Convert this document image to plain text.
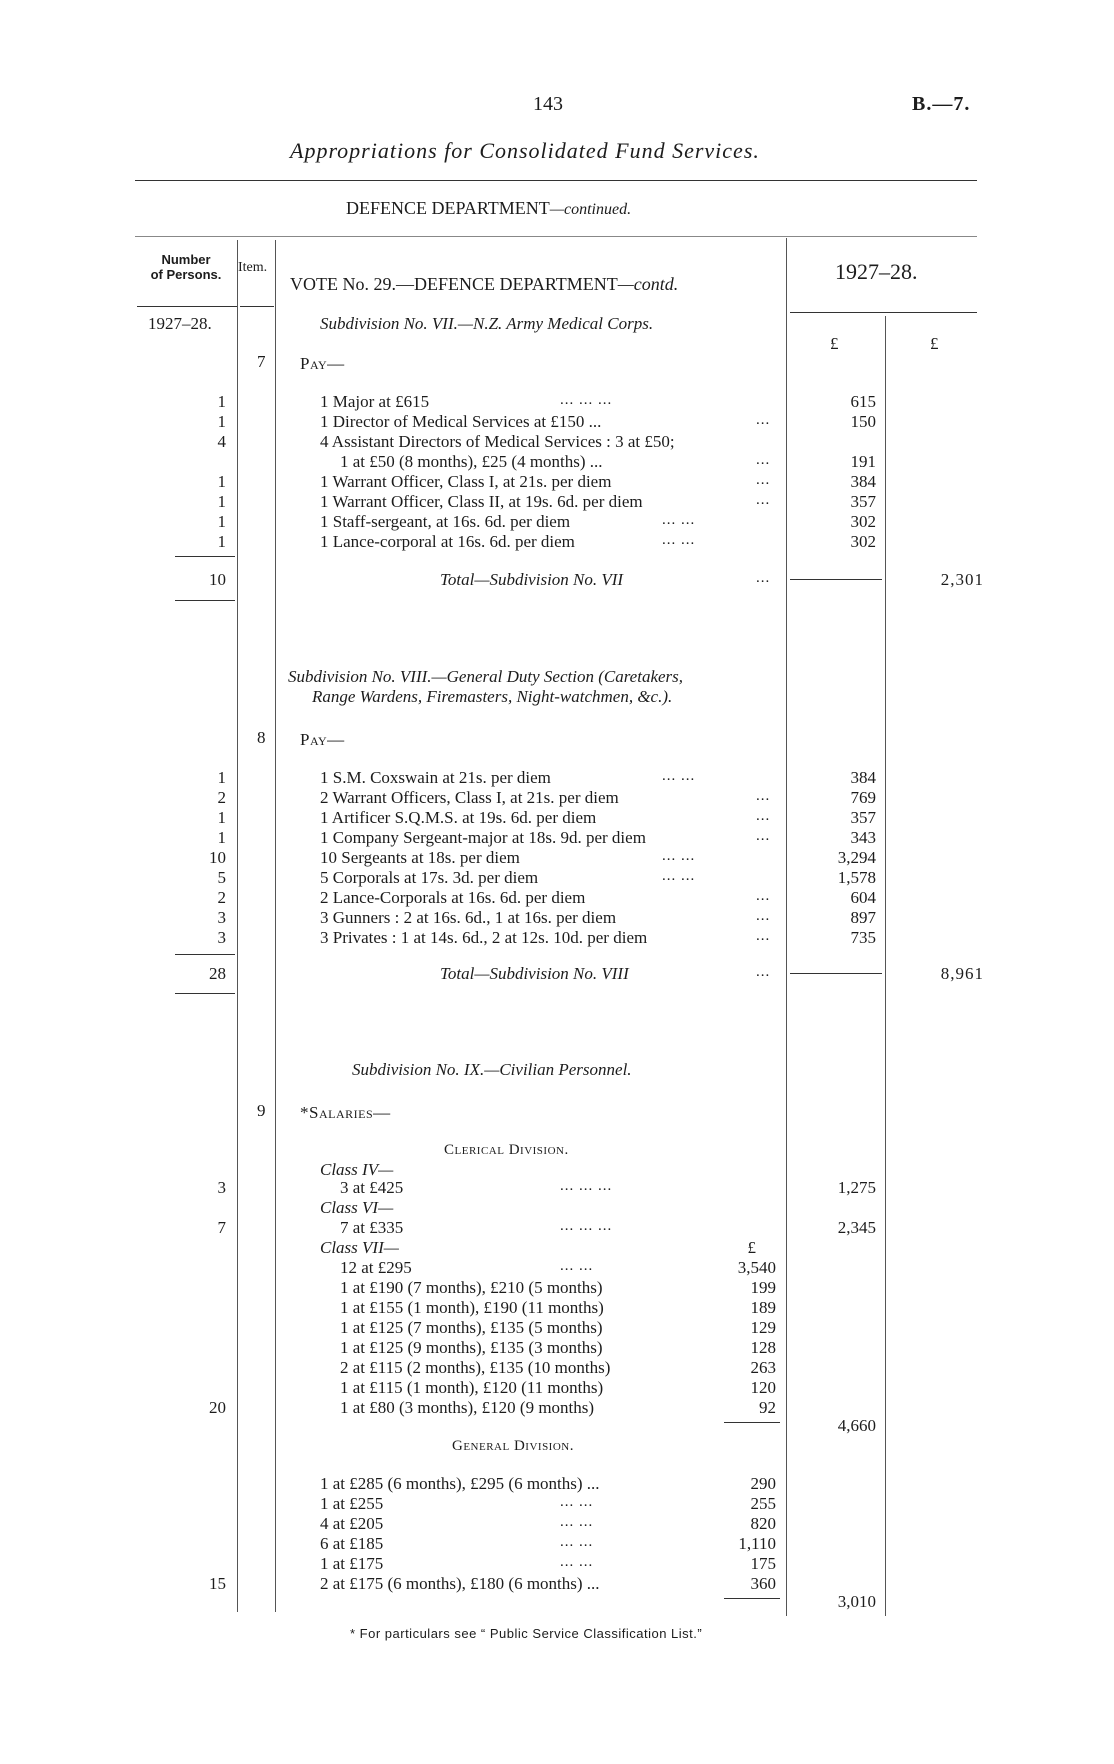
143	B.—7.
Appropriations for Consolidated Fund Services.
DEFENCE DEPARTMENT—continued.
Number
of Persons.	Item.
VOTE No. 29.—DEFENCE DEPARTMENT—contd.	1927–28.
1927–28.
£	£
Subdivision No. VII.—N.Z. Army Medical Corps.
7 Pay—
1	1 Major at £615	... ... ...	615
1	1 Director of Medical Services at £150 ...	...	150
4	4 Assistant Directors of Medical Services : 3 at £50;
1 at £50 (8 months), £25 (4 months) ...	...	191
1	1 Warrant Officer, Class I, at 21s. per diem	...	384
1	1 Warrant Officer, Class II, at 19s. 6d. per diem	...	357
1	1 Staff-sergeant, at 16s. 6d. per diem	... ...	302
1	1 Lance-corporal at 16s. 6d. per diem	... ...	302
10	Total—Subdivision No. VII	...	2,301
Subdivision No. VIII.—General Duty Section (Caretakers,
Range Wardens, Firemasters, Night-watchmen, &c.).
8 Pay—
1	1 S.M. Coxswain at 21s. per diem	... ...	384
2	2 Warrant Officers, Class I, at 21s. per diem	...	769
1	1 Artificer S.Q.M.S. at 19s. 6d. per diem	...	357
1	1 Company Sergeant-major at 18s. 9d. per diem	...	343
10	10 Sergeants at 18s. per diem	... ...	3,294
5	5 Corporals at 17s. 3d. per diem	... ...	1,578
2	2 Lance-Corporals at 16s. 6d. per diem	...	604
3	3 Gunners : 2 at 16s. 6d., 1 at 16s. per diem	...	897
3	3 Privates : 1 at 14s. 6d., 2 at 12s. 10d. per diem	...	735
28	Total—Subdivision No. VIII	...	8,961
Subdivision No. IX.—Civilian Personnel.
9 *Salaries—
Clerical Division.
Class IV—
3	3 at £425	... ... ...	1,275
Class VI—
7	7 at £335	... ... ...	2,345
Class VII—	£
12 at £295	... ...	3,540
1 at £190 (7 months), £210 (5 months)	199
1 at £155 (1 month), £190 (11 months)	189
1 at £125 (7 months), £135 (5 months)	129
1 at £125 (9 months), £135 (3 months)	128
2 at £115 (2 months), £135 (10 months)	263
1 at £115 (1 month), £120 (11 months)	120
20	1 at £80 (3 months), £120 (9 months)	92
4,660
General Division.
1 at £285 (6 months), £295 (6 months) ...	290
1 at £255	... ...	255
4 at £205	... ...	820
6 at £185	... ...	1,110
1 at £175	... ...	175
15	2 at £175 (6 months), £180 (6 months) ...	360
3,010
* For particulars see “ Public Service Classification List.”
